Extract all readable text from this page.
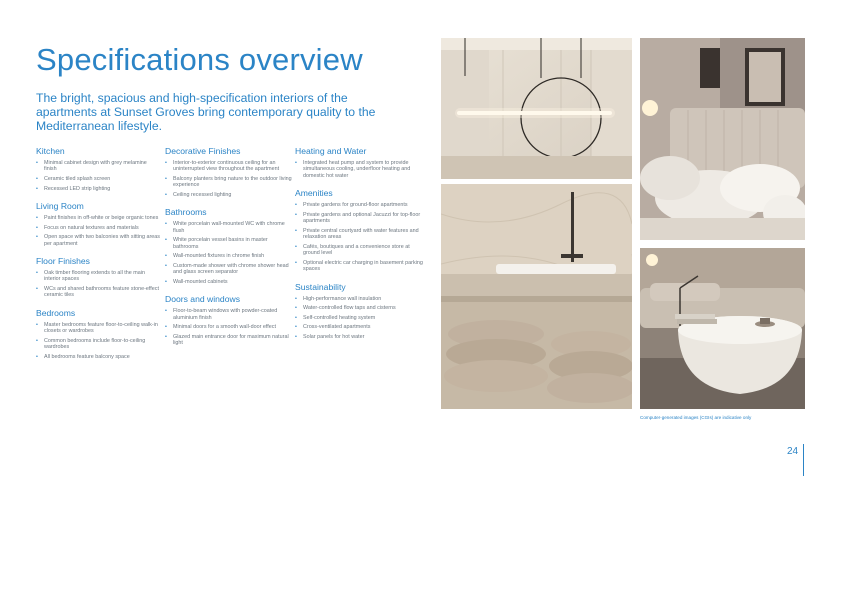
Specifications overview

The bright, spacious and high-specification interiors of the apartments at Sunset Groves bring contemporary quality to the Mediterranean lifestyle.

Kitchen
• Minimal cabinet design with grey melamine finish
• Ceramic tiled splash screen
• Recessed LED strip lighting
Living Room
• Paint finishes in off-white or beige organic tones
• Focus on natural textures and materials
• Open space with two balconies with sitting areas per apartment
Floor Finishes
• Oak timber flooring extends to all the main interior spaces
• WCs and shared bathrooms feature stone-effect ceramic tiles
Bedrooms
• Master bedrooms feature floor-to-ceiling walk-in closets or wardrobes
• Common bedrooms include floor-to-ceiling wardrobes
• All bedrooms feature balcony space
Decorative Finishes
• Interior-to-exterior continuous ceiling for an uninterrupted view throughout the apartment
• Balcony planters bring nature to the outdoor living experience
• Ceiling recessed lighting
Bathrooms
• White porcelain wall-mounted WC with chrome flush
• White porcelain vessel basins in master bathrooms
• Wall-mounted fixtures in chrome finish
• Custom-made shower with chrome shower head and glass screen separator
• Wall-mounted cabinets
Doors and windows
• Floor-to-beam windows with powder-coated aluminium finish
• Minimal doors for a smooth wall-door effect
• Glazed main entrance door for maximum natural light
Heating and Water
• Integrated heat pump and system to provide simultaneous cooling, underfloor heating and domestic hot water
Amenities
• Private gardens for ground-floor apartments
• Private gardens and optional Jacuzzi for top-floor apartments
• Private central courtyard with water features and relaxation areas
• Cafés, boutiques and a convenience store at ground level
• Optional electric car charging in basement parking spaces
Sustainability
• High-performance wall insulation
• Water-controlled flow taps and cisterns
• Self-controlled heating system
• Cross-ventilated apartments
• Solar panels for hot water
Computer-generated images (CGIs) are indicative only
24
